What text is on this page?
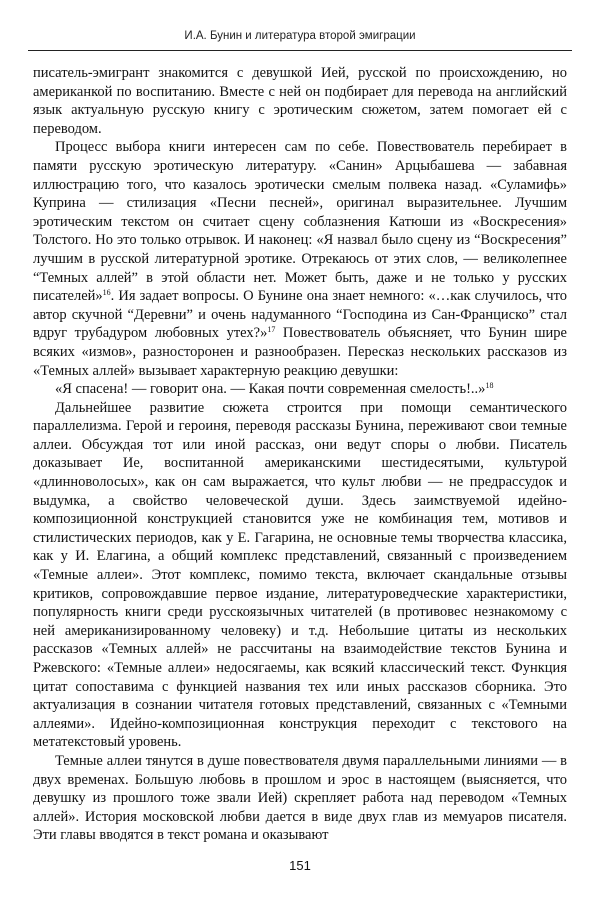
И.А. Бунин и литература второй эмиграции

писатель-эмигрант знакомится с девушкой Ией, русской по происхождению, но американкой по воспитанию. Вместе с ней он подбирает для перевода на английский язык актуальную русскую книгу с эротическим сюжетом, затем помогает ей с переводом.

Процесс выбора книги интересен сам по себе. Повествователь перебирает в памяти русскую эротическую литературу. «Санин» Арцыбашева — забавная иллюстрацию того, что казалось эротически смелым полвека назад. «Суламифь» Куприна — стилизация «Песни песней», оригинал выразительнее. Лучшим эротическим текстом он считает сцену соблазнения Катюши из «Воскресения» Толстого. Но это только отрывок. И наконец: «Я назвал было сцену из “Воскресения” лучшим в русской литературной эротике. Отрекаюсь от этих слов, — великолепнее “Темных аллей” в этой области нет. Может быть, даже и не только у русских писателей»$^{16}$. Ия задает вопросы. О Бунине она знает немного: «…как случилось, что автор скучной “Деревни” и очень надуманного “Господина из Сан-Франциско” стал вдруг трубадуром любовных утех?»$^{17}$ Повествователь объясняет, что Бунин шире всяких «измов», разносторонен и разнообразен. Пересказ нескольких рассказов из «Темных аллей» вызывает характерную реакцию девушки:

«Я спасена! — говорит она. — Какая почти современная смелость!..»$^{18}$

Дальнейшее развитие сюжета строится при помощи семантического параллелизма. Герой и героиня, переводя рассказы Бунина, переживают свои темные аллеи. Обсуждая тот или иной рассказ, они ведут споры о любви. Писатель доказывает Ие, воспитанной американскими шестидесятыми, культурой «длинноволосых», как он сам выражается, что культ любви — не предрассудок и выдумка, а свойство человеческой души. Здесь заимствуемой идейно-композиционной конструкцией становится уже не комбинация тем, мотивов и стилистических периодов, как у Е. Гагарина, не основные темы творчества классика, как у И. Елагина, а общий комплекс представлений, связанный с произведением «Темные аллеи». Этот комплекс, помимо текста, включает скандальные отзывы критиков, сопровождавшие первое издание, литературоведческие характеристики, популярность книги среди русскоязычных читателей (в противовес незнакомому с ней американизированному человеку) и т.д. Небольшие цитаты из нескольких рассказов «Темных аллей» не рассчитаны на взаимодействие текстов Бунина и Ржевского: «Темные аллеи» недосягаемы, как всякий классический текст. Функция цитат сопоставима с функцией названия тех или иных рассказов сборника. Это актуализация в сознании читателя готовых представлений, связанных с «Темными аллеями». Идейно-композиционная конструкция переходит с текстового на метатекстовый уровень.

Темные аллеи тянутся в душе повествователя двумя параллельными линиями — в двух временах. Большую любовь в прошлом и эрос в настоящем (выясняется, что девушку из прошлого тоже звали Ией) скрепляет работа над переводом «Темных аллей». История московской любви дается в виде двух глав из мемуаров писателя. Эти главы вводятся в текст романа и оказывают

151
